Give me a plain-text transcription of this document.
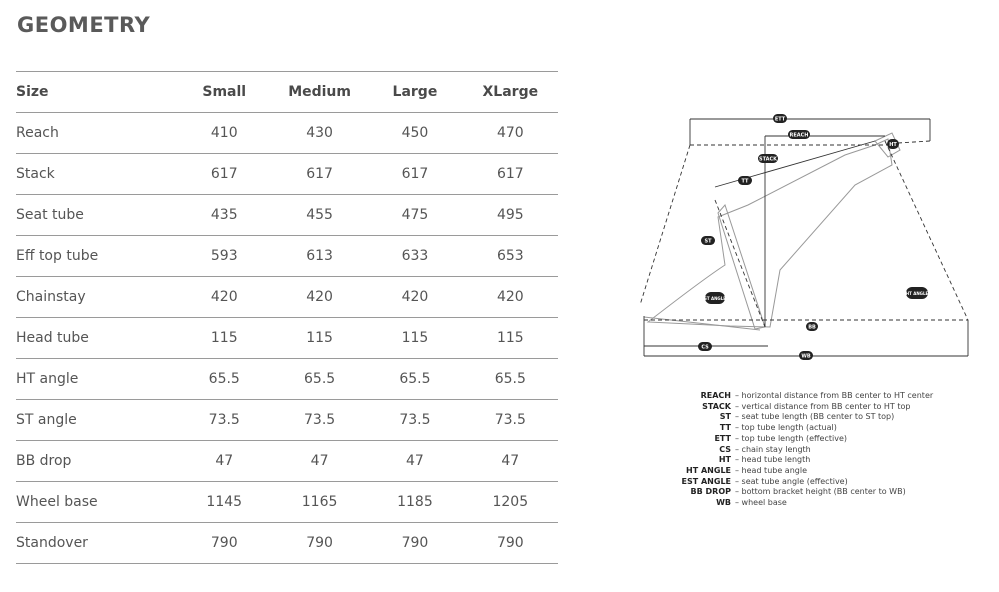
GEOMETRY
Size	Small	Medium	Large	XLarge
Reach	410	430	450	470
Stack	617	617	617	617
Seat tube	435	455	475	495
Eff top tube	593	613	633	653
Chainstay	420	420	420	420
Head tube	115	115	115	115
HT angle	65.5	65.5	65.5	65.5
ST angle	73.5	73.5	73.5	73.5
BB drop	47	47	47	47
Wheel base	1145	1165	1185	1205
Standover	790	790	790	790
ETT
REACH
STACK
TT
HT
ST
ST ANGLE
HT ANGLE
BB
CS
WB
REACH – horizontal distance from BB center to HT center
STACK – vertical distance from BB center to HT top
ST – seat tube length (BB center to ST top)
TT – top tube length (actual)
ETT – top tube length (effective)
CS – chain stay length
HT – head tube length
HT ANGLE – head tube angle
EST ANGLE – seat tube angle (effective)
BB DROP – bottom bracket height (BB center to WB)
WB – wheel base
